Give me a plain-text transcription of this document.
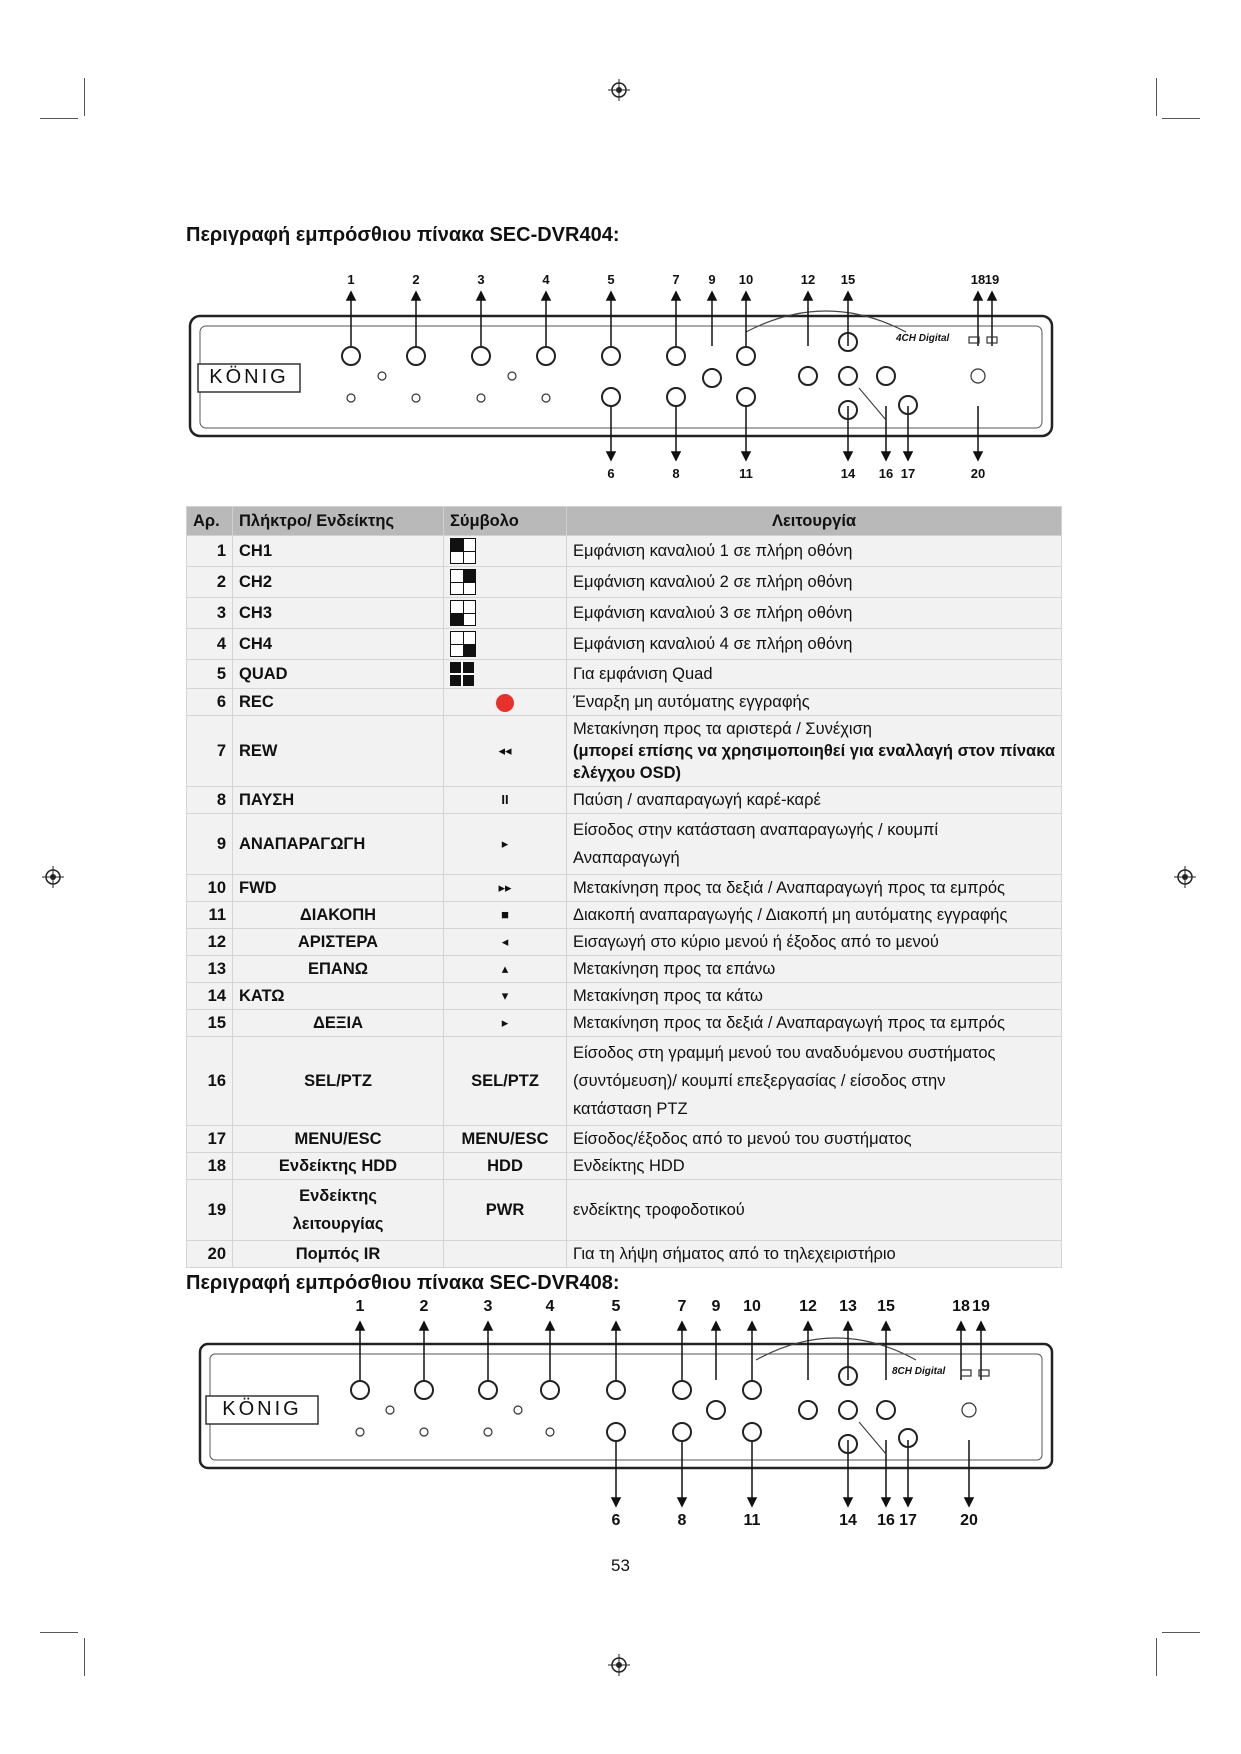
Περιγραφή εμπρόσθιου πίνακα SEC-DVR404:
KÖNIG
4CH Digital
1	2	3	4	5	7 9 10	12 15	18 19
6	8	11	14 16 17	20
Αρ.	Πλήκτρο/ Ενδείκτης	Σύμβολο	Λειτουργία
1	CH1		Εμφάνιση καναλιού 1 σε πλήρη οθόνη
2	CH2		Εμφάνιση καναλιού 2 σε πλήρη οθόνη
3	CH3		Εμφάνιση καναλιού 3 σε πλήρη οθόνη
4	CH4		Εμφάνιση καναλιού 4 σε πλήρη οθόνη
5	QUAD		Για εμφάνιση Quad
6	REC		Έναρξη μη αυτόματης εγγραφής
7	REW	◂◂	Μετακίνηση προς τα αριστερά / Συνέχιση
(μπορεί επίσης να χρησιμοποιηθεί για εναλλαγή στον πίνακα ελέγχου OSD)

8	ΠΑΥΣΗ	II	Παύση / αναπαραγωγή καρέ-καρέ
9	ΑΝΑΠΑΡΑΓΩΓΗ	▸	Είσοδος στην κατάσταση αναπαραγωγής / κουμπί
Αναπαραγωγή

10	FWD	▸▸	Μετακίνηση προς τα δεξιά / Αναπαραγωγή προς τα εμπρός
11	ΔΙΑΚΟΠΗ	■	Διακοπή αναπαραγωγής / Διακοπή μη αυτόματης εγγραφής
12	ΑΡΙΣΤΕΡΑ	◂	Εισαγωγή στο κύριο μενού ή έξοδος από το μενού
13	ΕΠΑΝΩ	▴	Μετακίνηση προς τα επάνω
14	ΚΑΤΩ	▾	Μετακίνηση προς τα κάτω
15	ΔΕΞΙΑ	▸	Μετακίνηση προς τα δεξιά / Αναπαραγωγή προς τα εμπρός
16	SEL/PTZ	SEL/PTZ	Είσοδος στη γραμμή μενού του αναδυόμενου συστήματος
(συντόμευση)/ κουμπί επεξεργασίας / είσοδος στην
κατάσταση PTZ

17	MENU/ESC	MENU/ESC	Είσοδος/έξοδος από το μενού του συστήματος
18	Ενδείκτης HDD	HDD	Ενδείκτης HDD
19	Ενδείκτης
λειτουργίας	PWR	ενδείκτης τροφοδοτικού
20	Πομπός IR		Για τη λήψη σήματος από το τηλεχειριστήριο
Περιγραφή εμπρόσθιου πίνακα SEC-DVR408:
KÖNIG
8CH Digital
1	2	3	4	5	7 9 10 12 13 15	18 19
6	8	11	14 16 17	20
53
